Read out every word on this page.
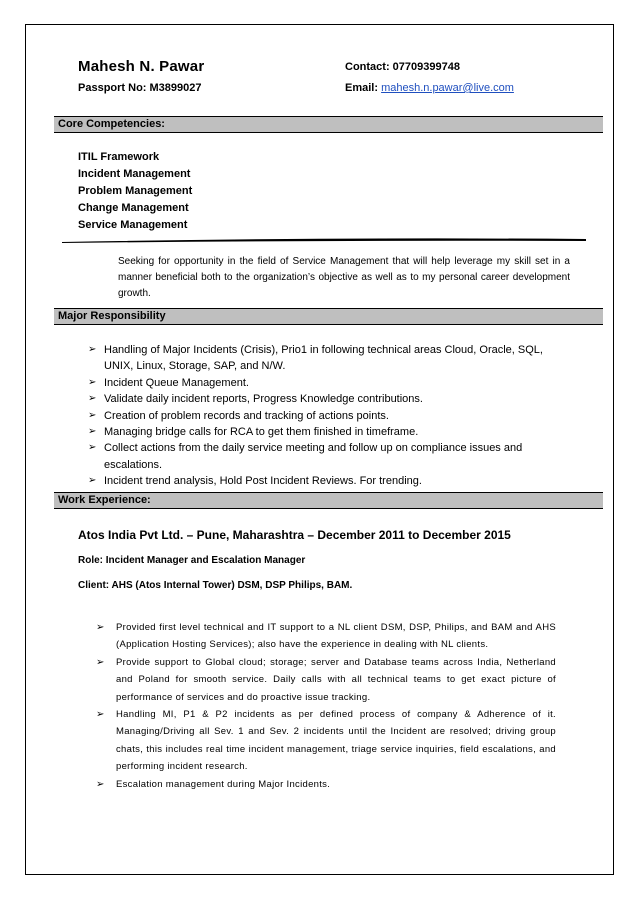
Mahesh N. Pawar
Passport No: M3899027
Contact: 07709399748
Email: mahesh.n.pawar@live.com
Core Competencies:
ITIL Framework
Incident Management
Problem Management
Change Management
Service Management

Seeking for opportunity in the field of Service Management that will help leverage my skill set in a manner beneficial both to the organization’s objective as well as to my personal career development growth.

Major Responsibility
➢ Handling of Major Incidents (Crisis), Prio1 in following technical areas Cloud, Oracle, SQL, UNIX, Linux, Storage, SAP, and N/W.
➢ Incident Queue Management.
➢ Validate daily incident reports, Progress Knowledge contributions.
➢ Creation of problem records and tracking of actions points.
➢ Managing bridge calls for RCA to get them finished in timeframe.
➢ Collect actions from the daily service meeting and follow up on compliance issues and escalations.
➢ Incident trend analysis, Hold Post Incident Reviews. For trending.
Work Experience:
Atos India Pvt Ltd. – Pune, Maharashtra – December 2011 to December 2015
Role: Incident Manager and Escalation Manager
Client: AHS (Atos Internal Tower) DSM, DSP Philips, BAM.
➢ Provided first level technical and IT support to a NL client DSM, DSP, Philips, and BAM and AHS (Application Hosting Services); also have the experience in dealing with NL clients.
➢ Provide support to Global cloud; storage; server and Database teams across India, Netherland and Poland for smooth service. Daily calls with all technical teams to get exact picture of performance of services and do proactive issue tracking.
➢ Handling MI, P1 & P2 incidents as per defined process of company & Adherence of it. Managing/Driving all Sev. 1 and Sev. 2 incidents until the Incident are resolved; driving group chats, this includes real time incident management, triage service inquiries, field escalations, and performing incident research.
➢ Escalation management during Major Incidents.
